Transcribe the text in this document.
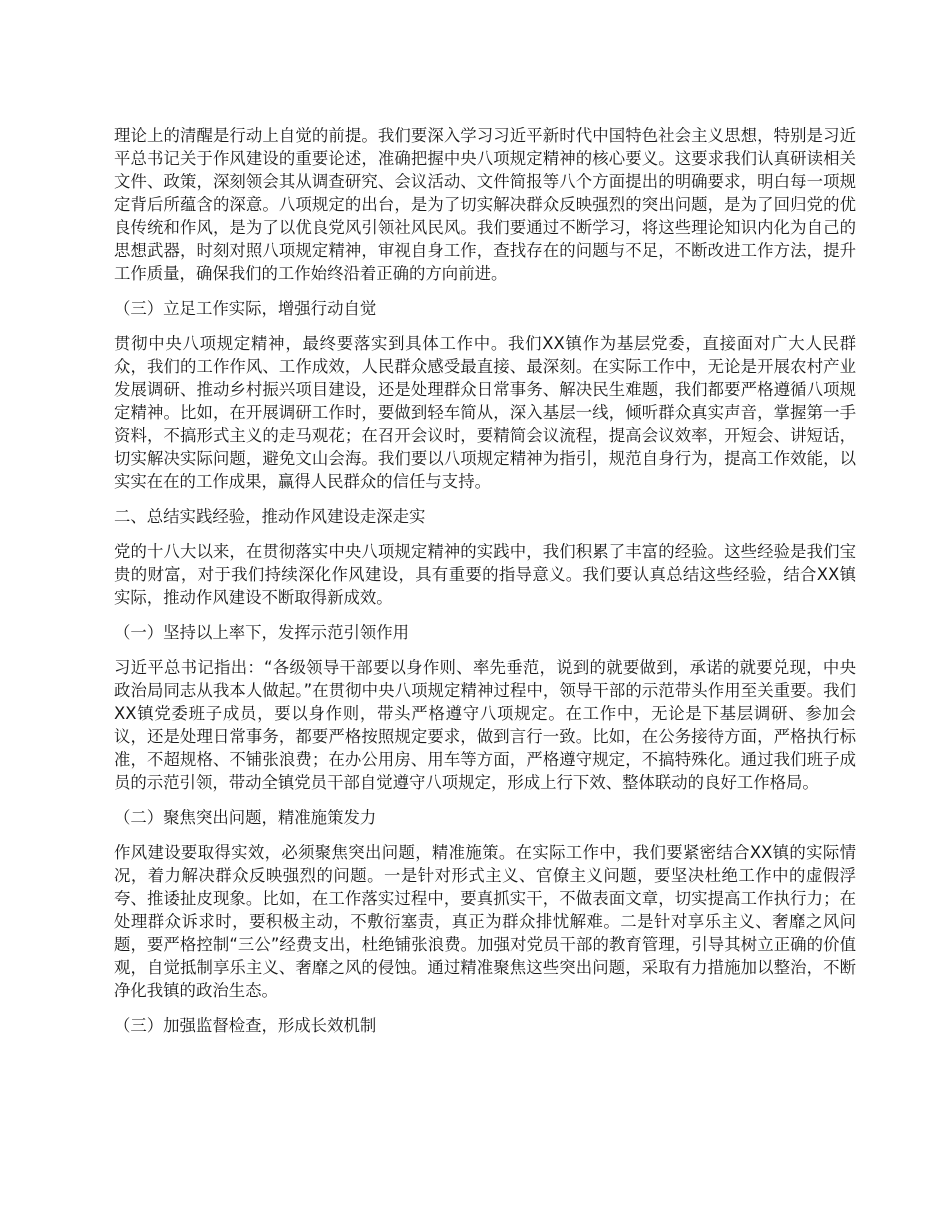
理论上的清醒是行动上自觉的前提。我们要深入学习习近平新时代中国特色社会主义思想，特别是习近平总书记关于作风建设的重要论述，准确把握中央八项规定精神的核心要义。这要求我们认真研读相关文件、政策，深刻领会其从调查研究、会议活动、文件简报等八个方面提出的明确要求，明白每一项规定背后所蕴含的深意。八项规定的出台，是为了切实解决群众反映强烈的突出问题，是为了回归党的优良传统和作风，是为了以优良党风引领社风民风。我们要通过不断学习，将这些理论知识内化为自己的思想武器，时刻对照八项规定精神，审视自身工作，查找存在的问题与不足，不断改进工作方法，提升工作质量，确保我们的工作始终沿着正确的方向前进。

（三）立足工作实际，增强行动自觉

贯彻中央八项规定精神，最终要落实到具体工作中。我们XX镇作为基层党委，直接面对广大人民群众，我们的工作作风、工作成效，人民群众感受最直接、最深刻。在实际工作中，无论是开展农村产业发展调研、推动乡村振兴项目建设，还是处理群众日常事务、解决民生难题，我们都要严格遵循八项规定精神。比如，在开展调研工作时，要做到轻车简从，深入基层一线，倾听群众真实声音，掌握第一手资料，不搞形式主义的走马观花；在召开会议时，要精简会议流程，提高会议效率，开短会、讲短话，切实解决实际问题，避免文山会海。我们要以八项规定精神为指引，规范自身行为，提高工作效能，以实实在在的工作成果，赢得人民群众的信任与支持。

二、总结实践经验，推动作风建设走深走实

党的十八大以来，在贯彻落实中央八项规定精神的实践中，我们积累了丰富的经验。这些经验是我们宝贵的财富，对于我们持续深化作风建设，具有重要的指导意义。我们要认真总结这些经验，结合XX镇实际，推动作风建设不断取得新成效。

（一）坚持以上率下，发挥示范引领作用

习近平总书记指出：“各级领导干部要以身作则、率先垂范，说到的就要做到，承诺的就要兑现，中央政治局同志从我本人做起。”在贯彻中央八项规定精神过程中，领导干部的示范带头作用至关重要。我们XX镇党委班子成员，要以身作则，带头严格遵守八项规定。在工作中，无论是下基层调研、参加会议，还是处理日常事务，都要严格按照规定要求，做到言行一致。比如，在公务接待方面，严格执行标准，不超规格、不铺张浪费；在办公用房、用车等方面，严格遵守规定，不搞特殊化。通过我们班子成员的示范引领，带动全镇党员干部自觉遵守八项规定，形成上行下效、整体联动的良好工作格局。

（二）聚焦突出问题，精准施策发力

作风建设要取得实效，必须聚焦突出问题，精准施策。在实际工作中，我们要紧密结合XX镇的实际情况，着力解决群众反映强烈的问题。一是针对形式主义、官僚主义问题，要坚决杜绝工作中的虚假浮夸、推诿扯皮现象。比如，在工作落实过程中，要真抓实干，不做表面文章，切实提高工作执行力；在处理群众诉求时，要积极主动，不敷衍塞责，真正为群众排忧解难。二是针对享乐主义、奢靡之风问题，要严格控制“三公”经费支出，杜绝铺张浪费。加强对党员干部的教育管理，引导其树立正确的价值观，自觉抵制享乐主义、奢靡之风的侵蚀。通过精准聚焦这些突出问题，采取有力措施加以整治，不断净化我镇的政治生态。

（三）加强监督检查，形成长效机制
